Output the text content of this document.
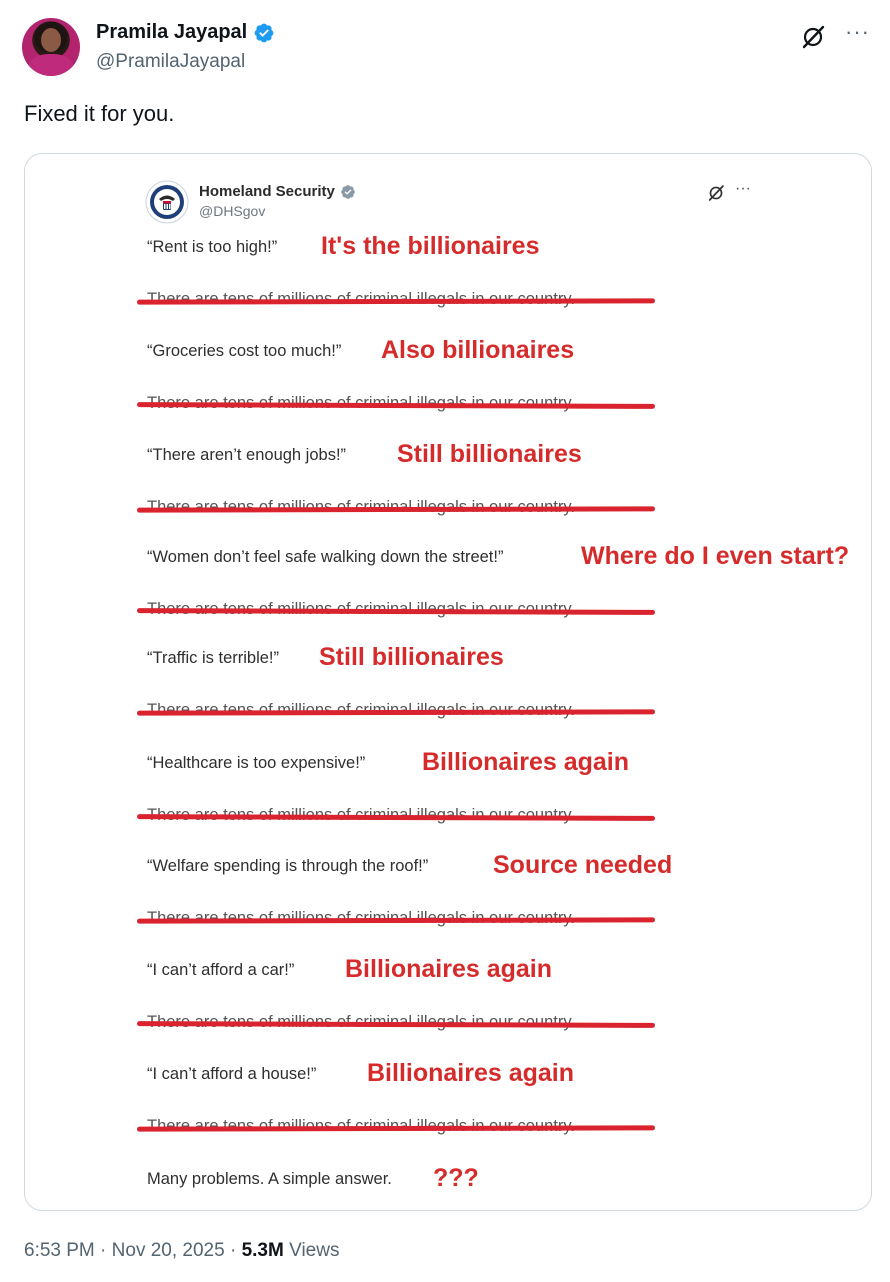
Pramila Jayapal
@PramilaJayapal
···
Fixed it for you.
Homeland Security
@DHSgov
···
“Rent is too high!” It's the billionaires
“Groceries cost too much!” Also billionaires
“There aren’t enough jobs!” Still billionaires
“Women don’t feel safe walking down the street!”	Where do I even start?
“Traffic is terrible!” Still billionaires
“Healthcare is too expensive!” Billionaires again
“Welfare spending is through the roof!”	Source needed
“I can’t afford a car!” Billionaires again
“I can’t afford a house!” Billionaires again
Many problems. A simple answer. ???
6:53 PM · Nov 20, 2025 · 5.3M Views
